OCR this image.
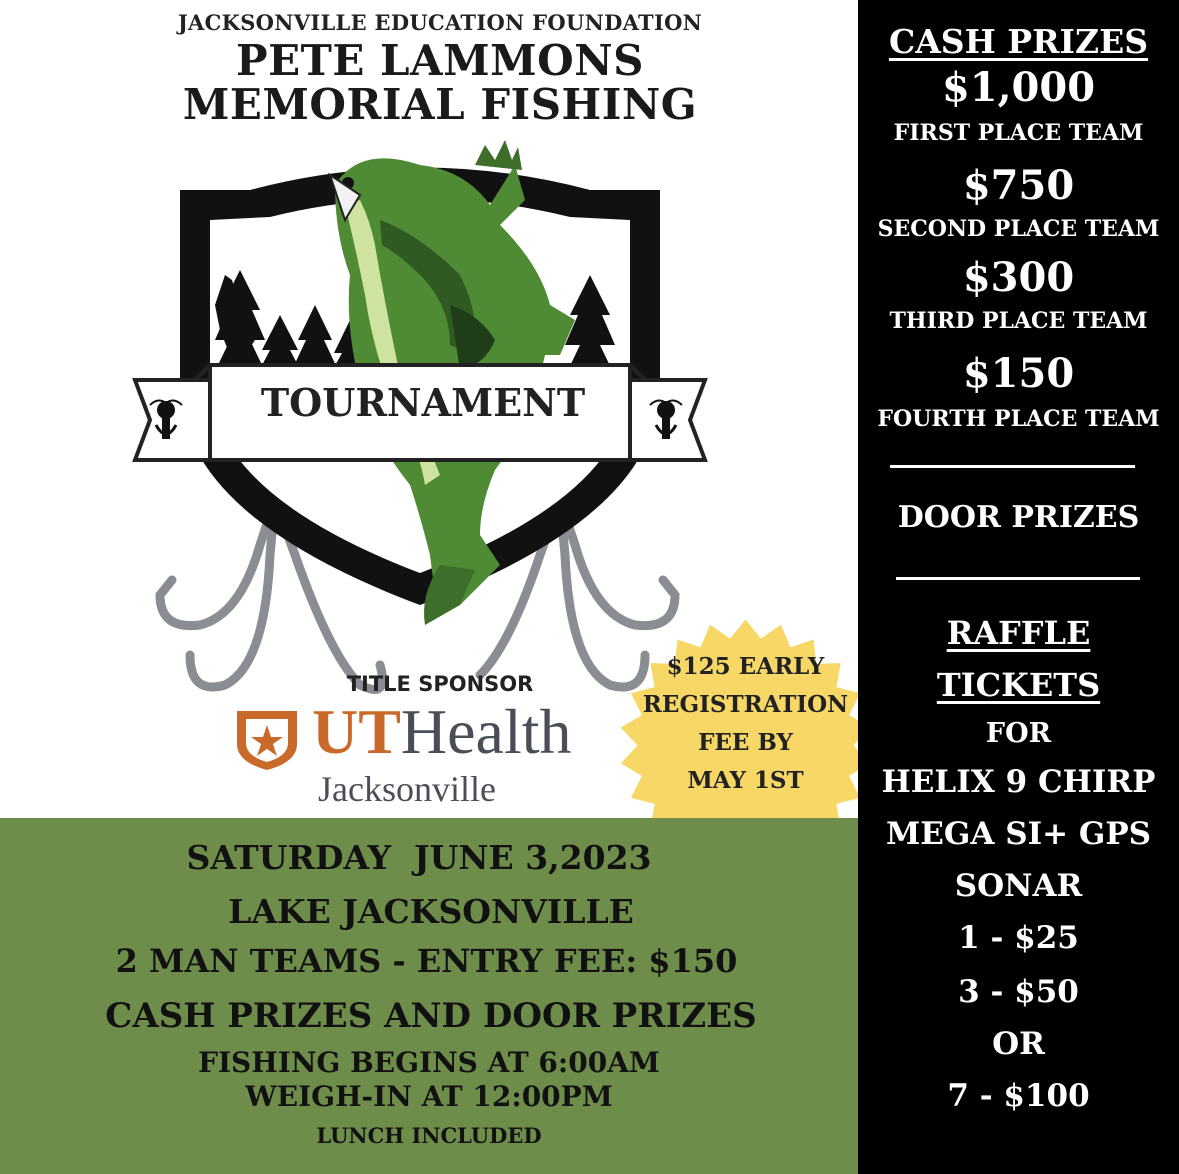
JACKSONVILLE EDUCATION FOUNDATION
PETE LAMMONS
MEMORIAL FISHING
TOURNAMENT
TITLE SPONSOR
UTHealth
Jacksonville
$125 EARLY
REGISTRATION
FEE BY
MAY 1ST
SATURDAY  JUNE 3,2023
LAKE JACKSONVILLE
2 MAN TEAMS - ENTRY FEE: $150
CASH PRIZES AND DOOR PRIZES
FISHING BEGINS AT 6:00AM
WEIGH-IN AT 12:00PM
LUNCH INCLUDED
CASH PRIZES
$1,000
FIRST PLACE TEAM
$750
SECOND PLACE TEAM
$300
THIRD PLACE TEAM
$150
FOURTH PLACE TEAM
DOOR PRIZES
RAFFLE
TICKETS
FOR
HELIX 9 CHIRP
MEGA SI+ GPS
SONAR
1 - $25
3 - $50
OR
7 - $100
